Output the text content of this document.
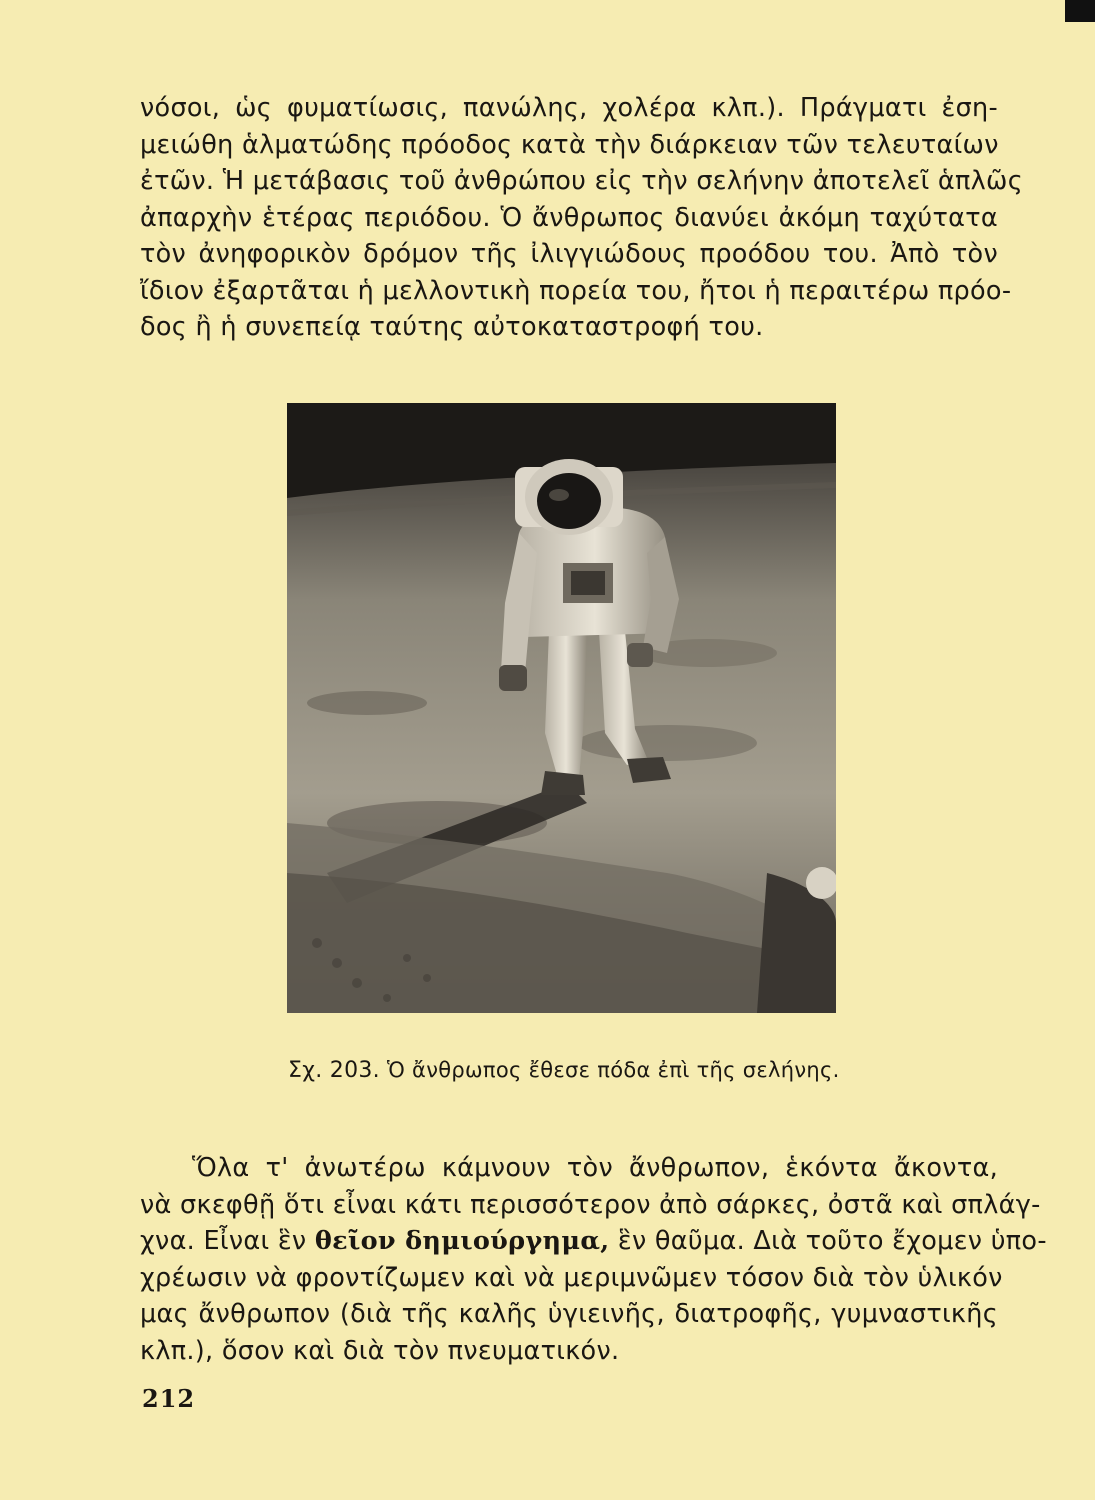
νόσοι, ὡς φυματίωσις, πανώλης, χολέρα κλπ.). Πράγματι ἐση-
μειώθη ἁλματώδης πρόοδος κατὰ τὴν διάρκειαν τῶν τελευταίων
ἐτῶν. Ἡ μετάβασις τοῦ ἀνθρώπου εἰς τὴν σελήνην ἀποτελεῖ ἁπλῶς
ἀπαρχὴν ἑτέρας περιόδου. Ὁ ἄνθρωπος διανύει ἀκόμη ταχύτατα
τὸν ἀνηφορικὸν δρόμον τῆς ἰλιγγιώδους προόδου του. Ἀπὸ τὸν
ἴδιον ἐξαρτᾶται ἡ μελλοντικὴ πορεία του, ἤτοι ἡ περαιτέρω πρόο-
δος ἢ ἡ συνεπείᾳ ταύτης αὐτοκαταστροφή του.
Σχ. 203. Ὁ ἄνθρωπος ἔθεσε πόδα ἐπὶ τῆς σελήνης.
Ὅλα τ' ἀνωτέρω κάμνουν τὸν ἄνθρωπον, ἑκόντα ἄκοντα,
νὰ σκεφθῇ ὅτι εἶναι κάτι περισσότερον ἀπὸ σάρκες, ὀστᾶ καὶ σπλάγ-
χνα. Εἶναι ἓν θεῖον δημιούργημα, ἓν θαῦμα. Διὰ τοῦτο ἔχομεν ὑπο-
χρέωσιν νὰ φροντίζωμεν καὶ νὰ μεριμνῶμεν τόσον διὰ τὸν ὑλικόν
μας ἄνθρωπον (διὰ τῆς καλῆς ὑγιεινῆς, διατροφῆς, γυμναστικῆς
κλπ.), ὅσον καὶ διὰ τὸν πνευματικόν.
212
